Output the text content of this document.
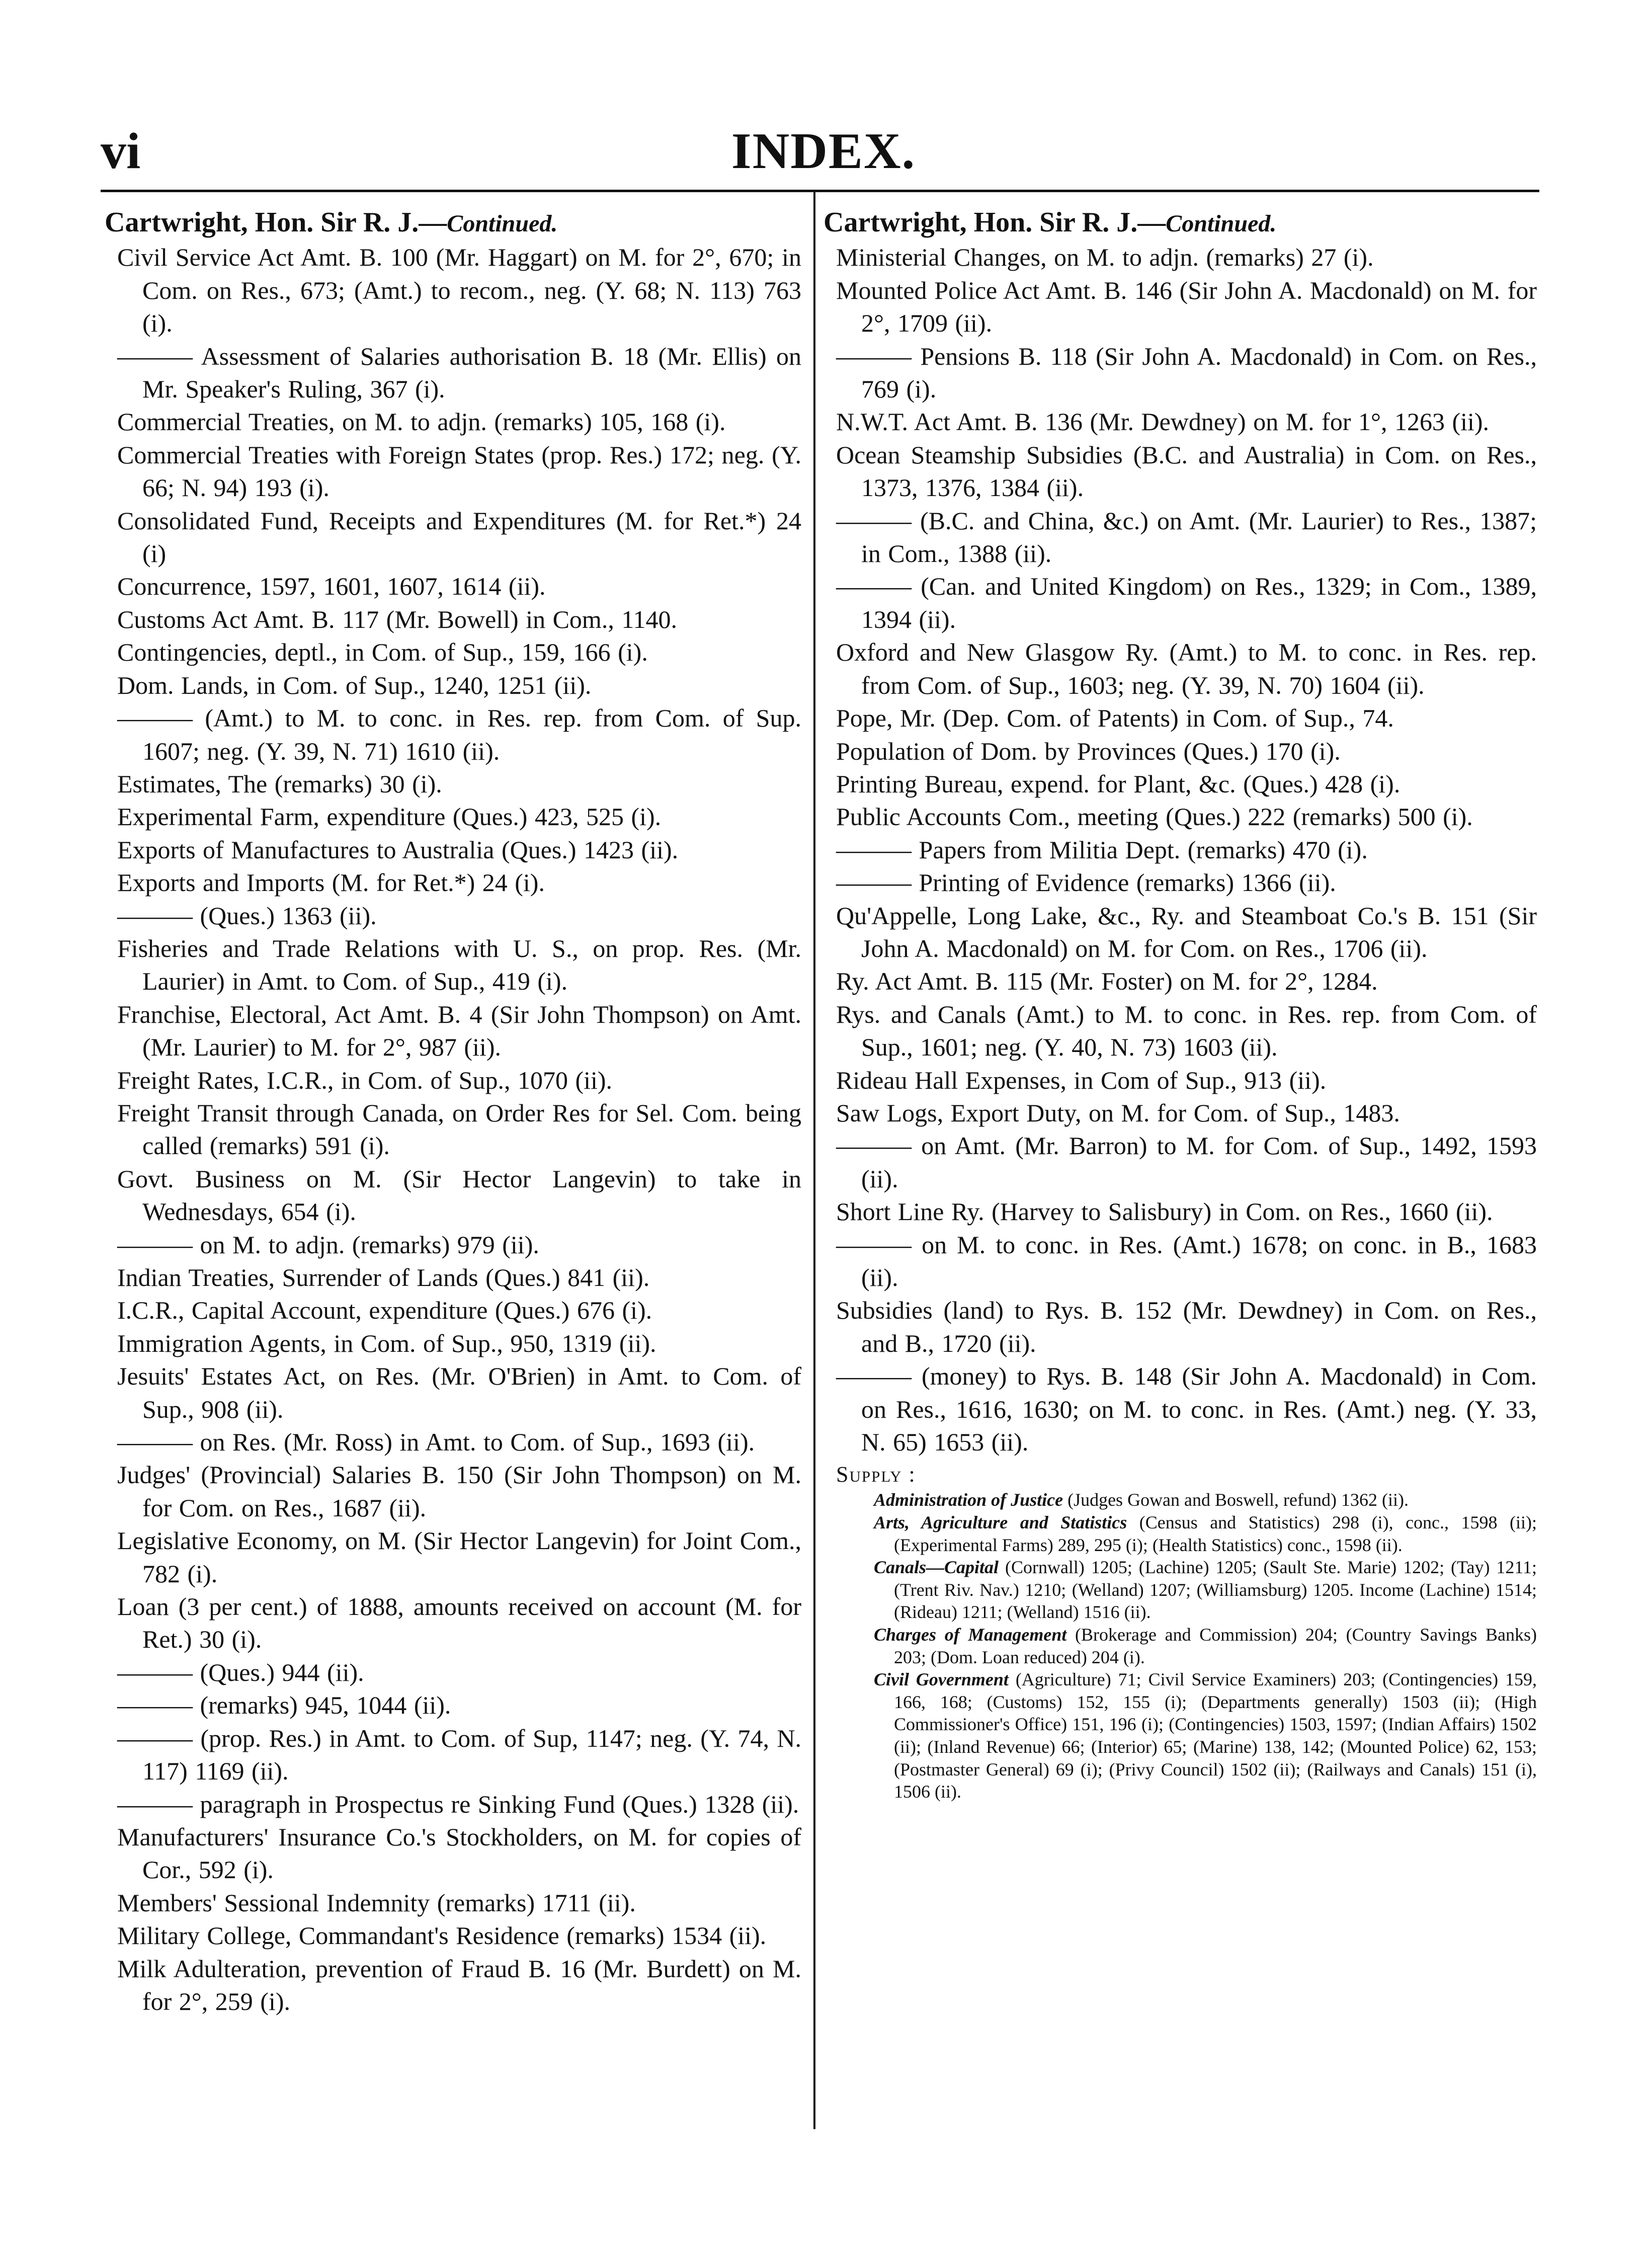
vi	INDEX.
Cartwright, Hon. Sir R. J.—Continued.
Civil Service Act Amt. B. 100 (Mr. Haggart) on M. for 2°, 670; in Com. on Res., 673; (Amt.) to recom., neg. (Y. 68; N. 113) 763 (i).
——— Assessment of Salaries authorisation B. 18 (Mr. Ellis) on Mr. Speaker's Ruling, 367 (i).
Commercial Treaties, on M. to adjn. (remarks) 105, 168 (i).
Commercial Treaties with Foreign States (prop. Res.) 172; neg. (Y. 66; N. 94) 193 (i).
Consolidated Fund, Receipts and Expenditures (M. for Ret.*) 24 (i)
Concurrence, 1597, 1601, 1607, 1614 (ii).
Customs Act Amt. B. 117 (Mr. Bowell) in Com., 1140.
Contingencies, deptl., in Com. of Sup., 159, 166 (i).
Dom. Lands, in Com. of Sup., 1240, 1251 (ii).
——— (Amt.) to M. to conc. in Res. rep. from Com. of Sup. 1607; neg. (Y. 39, N. 71) 1610 (ii).
Estimates, The (remarks) 30 (i).
Experimental Farm, expenditure (Ques.) 423, 525 (i).
Exports of Manufactures to Australia (Ques.) 1423 (ii).
Exports and Imports (M. for Ret.*) 24 (i).
——— (Ques.) 1363 (ii).
Fisheries and Trade Relations with U. S., on prop. Res. (Mr. Laurier) in Amt. to Com. of Sup., 419 (i).
Franchise, Electoral, Act Amt. B. 4 (Sir John Thompson) on Amt. (Mr. Laurier) to M. for 2°, 987 (ii).
Freight Rates, I.C.R., in Com. of Sup., 1070 (ii).
Freight Transit through Canada, on Order Res for Sel. Com. being called (remarks) 591 (i).
Govt. Business on M. (Sir Hector Langevin) to take in Wednesdays, 654 (i).
——— on M. to adjn. (remarks) 979 (ii).
Indian Treaties, Surrender of Lands (Ques.) 841 (ii).
I.C.R., Capital Account, expenditure (Ques.) 676 (i).
Immigration Agents, in Com. of Sup., 950, 1319 (ii).
Jesuits' Estates Act, on Res. (Mr. O'Brien) in Amt. to Com. of Sup., 908 (ii).
——— on Res. (Mr. Ross) in Amt. to Com. of Sup., 1693 (ii).
Judges' (Provincial) Salaries B. 150 (Sir John Thompson) on M. for Com. on Res., 1687 (ii).
Legislative Economy, on M. (Sir Hector Langevin) for Joint Com., 782 (i).
Loan (3 per cent.) of 1888, amounts received on account (M. for Ret.) 30 (i).
——— (Ques.) 944 (ii).
——— (remarks) 945, 1044 (ii).
——— (prop. Res.) in Amt. to Com. of Sup, 1147; neg. (Y. 74, N. 117) 1169 (ii).
——— paragraph in Prospectus re Sinking Fund (Ques.) 1328 (ii).
Manufacturers' Insurance Co.'s Stockholders, on M. for copies of Cor., 592 (i).
Members' Sessional Indemnity (remarks) 1711 (ii).
Military College, Commandant's Residence (remarks) 1534 (ii).
Milk Adulteration, prevention of Fraud B. 16 (Mr. Burdett) on M. for 2°, 259 (i).
Cartwright, Hon. Sir R. J.—Continued.
Ministerial Changes, on M. to adjn. (remarks) 27 (i).
Mounted Police Act Amt. B. 146 (Sir John A. Macdonald) on M. for 2°, 1709 (ii).
——— Pensions B. 118 (Sir John A. Macdonald) in Com. on Res., 769 (i).
N.W.T. Act Amt. B. 136 (Mr. Dewdney) on M. for 1°, 1263 (ii).
Ocean Steamship Subsidies (B.C. and Australia) in Com. on Res., 1373, 1376, 1384 (ii).
——— (B.C. and China, &c.) on Amt. (Mr. Laurier) to Res., 1387; in Com., 1388 (ii).
——— (Can. and United Kingdom) on Res., 1329; in Com., 1389, 1394 (ii).
Oxford and New Glasgow Ry. (Amt.) to M. to conc. in Res. rep. from Com. of Sup., 1603; neg. (Y. 39, N. 70) 1604 (ii).
Pope, Mr. (Dep. Com. of Patents) in Com. of Sup., 74.
Population of Dom. by Provinces (Ques.) 170 (i).
Printing Bureau, expend. for Plant, &c. (Ques.) 428 (i).
Public Accounts Com., meeting (Ques.) 222 (remarks) 500 (i).
——— Papers from Militia Dept. (remarks) 470 (i).
——— Printing of Evidence (remarks) 1366 (ii).
Qu'Appelle, Long Lake, &c., Ry. and Steamboat Co.'s B. 151 (Sir John A. Macdonald) on M. for Com. on Res., 1706 (ii).
Ry. Act Amt. B. 115 (Mr. Foster) on M. for 2°, 1284.
Rys. and Canals (Amt.) to M. to conc. in Res. rep. from Com. of Sup., 1601; neg. (Y. 40, N. 73) 1603 (ii).
Rideau Hall Expenses, in Com of Sup., 913 (ii).
Saw Logs, Export Duty, on M. for Com. of Sup., 1483.
——— on Amt. (Mr. Barron) to M. for Com. of Sup., 1492, 1593 (ii).
Short Line Ry. (Harvey to Salisbury) in Com. on Res., 1660 (ii).
——— on M. to conc. in Res. (Amt.) 1678; on conc. in B., 1683 (ii).
Subsidies (land) to Rys. B. 152 (Mr. Dewdney) in Com. on Res., and B., 1720 (ii).
——— (money) to Rys. B. 148 (Sir John A. Macdonald) in Com. on Res., 1616, 1630; on M. to conc. in Res. (Amt.) neg. (Y. 33, N. 65) 1653 (ii).
Supply :
Administration of Justice (Judges Gowan and Boswell, refund) 1362 (ii).
Arts, Agriculture and Statistics (Census and Statistics) 298 (i), conc., 1598 (ii); (Experimental Farms) 289, 295 (i); (Health Statistics) conc., 1598 (ii).
Canals—Capital (Cornwall) 1205; (Lachine) 1205; (Sault Ste. Marie) 1202; (Tay) 1211; (Trent Riv. Nav.) 1210; (Welland) 1207; (Williamsburg) 1205. Income (Lachine) 1514; (Rideau) 1211; (Welland) 1516 (ii).
Charges of Management (Brokerage and Commission) 204; (Country Savings Banks) 203; (Dom. Loan reduced) 204 (i).
Civil Government (Agriculture) 71; Civil Service Examiners) 203; (Contingencies) 159, 166, 168; (Customs) 152, 155 (i); (Departments generally) 1503 (ii); (High Commissioner's Office) 151, 196 (i); (Contingencies) 1503, 1597; (Indian Affairs) 1502 (ii); (Inland Revenue) 66; (Interior) 65; (Marine) 138, 142; (Mounted Police) 62, 153; (Postmaster General) 69 (i); (Privy Council) 1502 (ii); (Railways and Canals) 151 (i), 1506 (ii).
